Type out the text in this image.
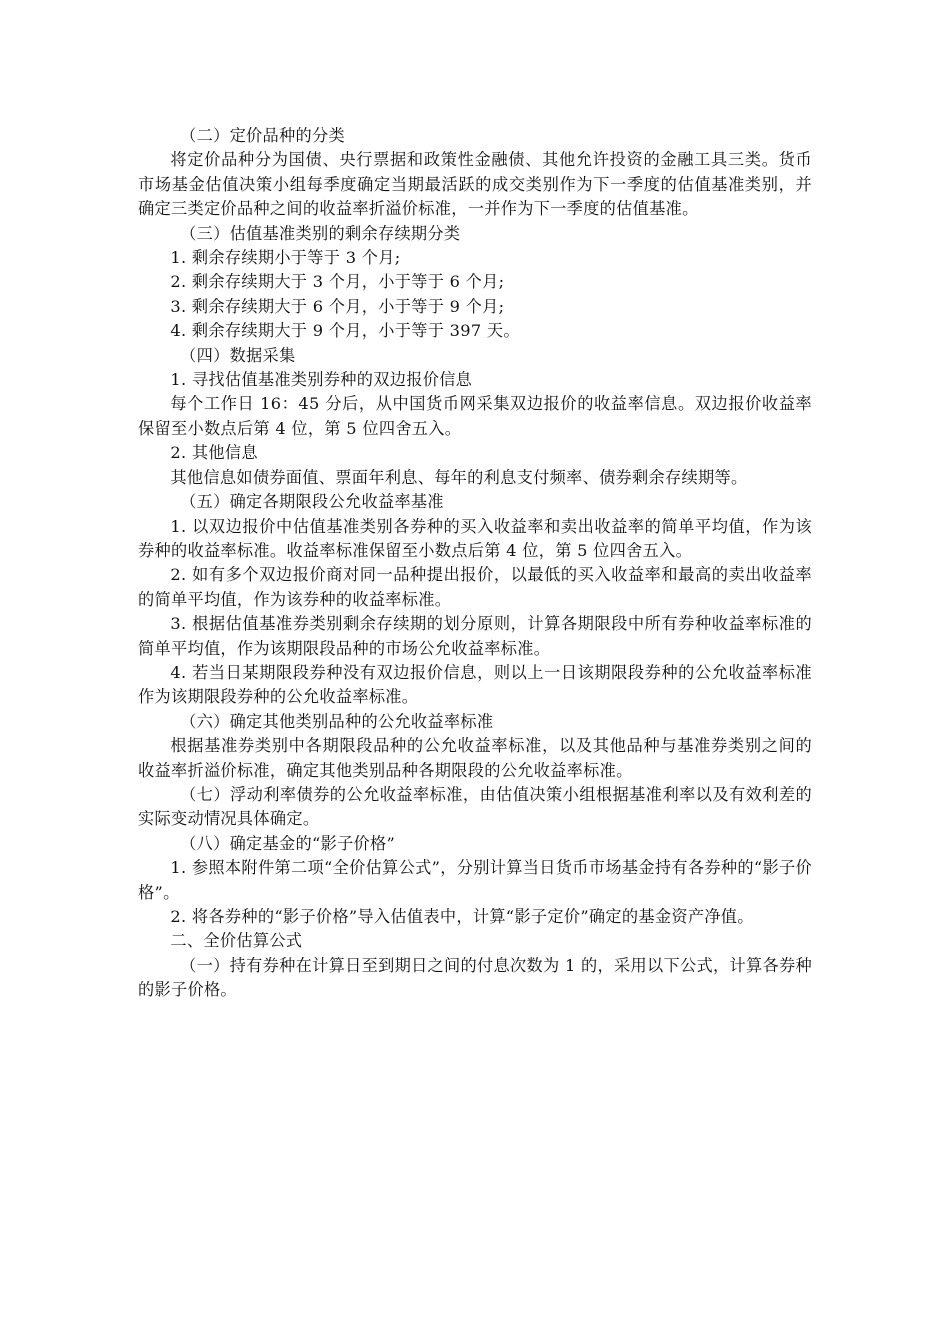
（二）定价品种的分类

将定价品种分为国债、央行票据和政策性金融债、其他允许投资的金融工具三类。货币市场基金估值决策小组每季度确定当期最活跃的成交类别作为下一季度的估值基准类别，并确定三类定价品种之间的收益率折溢价标准，一并作为下一季度的估值基准。

（三）估值基准类别的剩余存续期分类

1. 剩余存续期小于等于 3 个月;

2. 剩余存续期大于 3 个月，小于等于 6 个月;

3. 剩余存续期大于 6 个月，小于等于 9 个月;

4. 剩余存续期大于 9 个月，小于等于 397 天。

（四）数据采集

1. 寻找估值基准类别券种的双边报价信息

每个工作日 16：45 分后，从中国货币网采集双边报价的收益率信息。双边报价收益率保留至小数点后第 4 位，第 5 位四舍五入。

2. 其他信息

其他信息如债券面值、票面年利息、每年的利息支付频率、债券剩余存续期等。

（五）确定各期限段公允收益率基准

1. 以双边报价中估值基准类别各券种的买入收益率和卖出收益率的简单平均值，作为该券种的收益率标准。收益率标准保留至小数点后第 4 位，第 5 位四舍五入。

2. 如有多个双边报价商对同一品种提出报价，以最低的买入收益率和最高的卖出收益率的简单平均值，作为该券种的收益率标准。

3. 根据估值基准券类别剩余存续期的划分原则，计算各期限段中所有券种收益率标准的简单平均值，作为该期限段品种的市场公允收益率标准。

4. 若当日某期限段券种没有双边报价信息，则以上一日该期限段券种的公允收益率标准作为该期限段券种的公允收益率标准。

（六）确定其他类别品种的公允收益率标准

根据基准券类别中各期限段品种的公允收益率标准，以及其他品种与基准券类别之间的收益率折溢价标准，确定其他类别品种各期限段的公允收益率标准。

（七）浮动利率债券的公允收益率标准，由估值决策小组根据基准利率以及有效利差的实际变动情况具体确定。

（八）确定基金的“影子价格”

1. 参照本附件第二项“全价估算公式”，分别计算当日货币市场基金持有各券种的“影子价格”。

2. 将各券种的“影子价格”导入估值表中，计算“影子定价”确定的基金资产净值。

二、全价估算公式

（一）持有券种在计算日至到期日之间的付息次数为 1 的，采用以下公式，计算各券种的影子价格。
